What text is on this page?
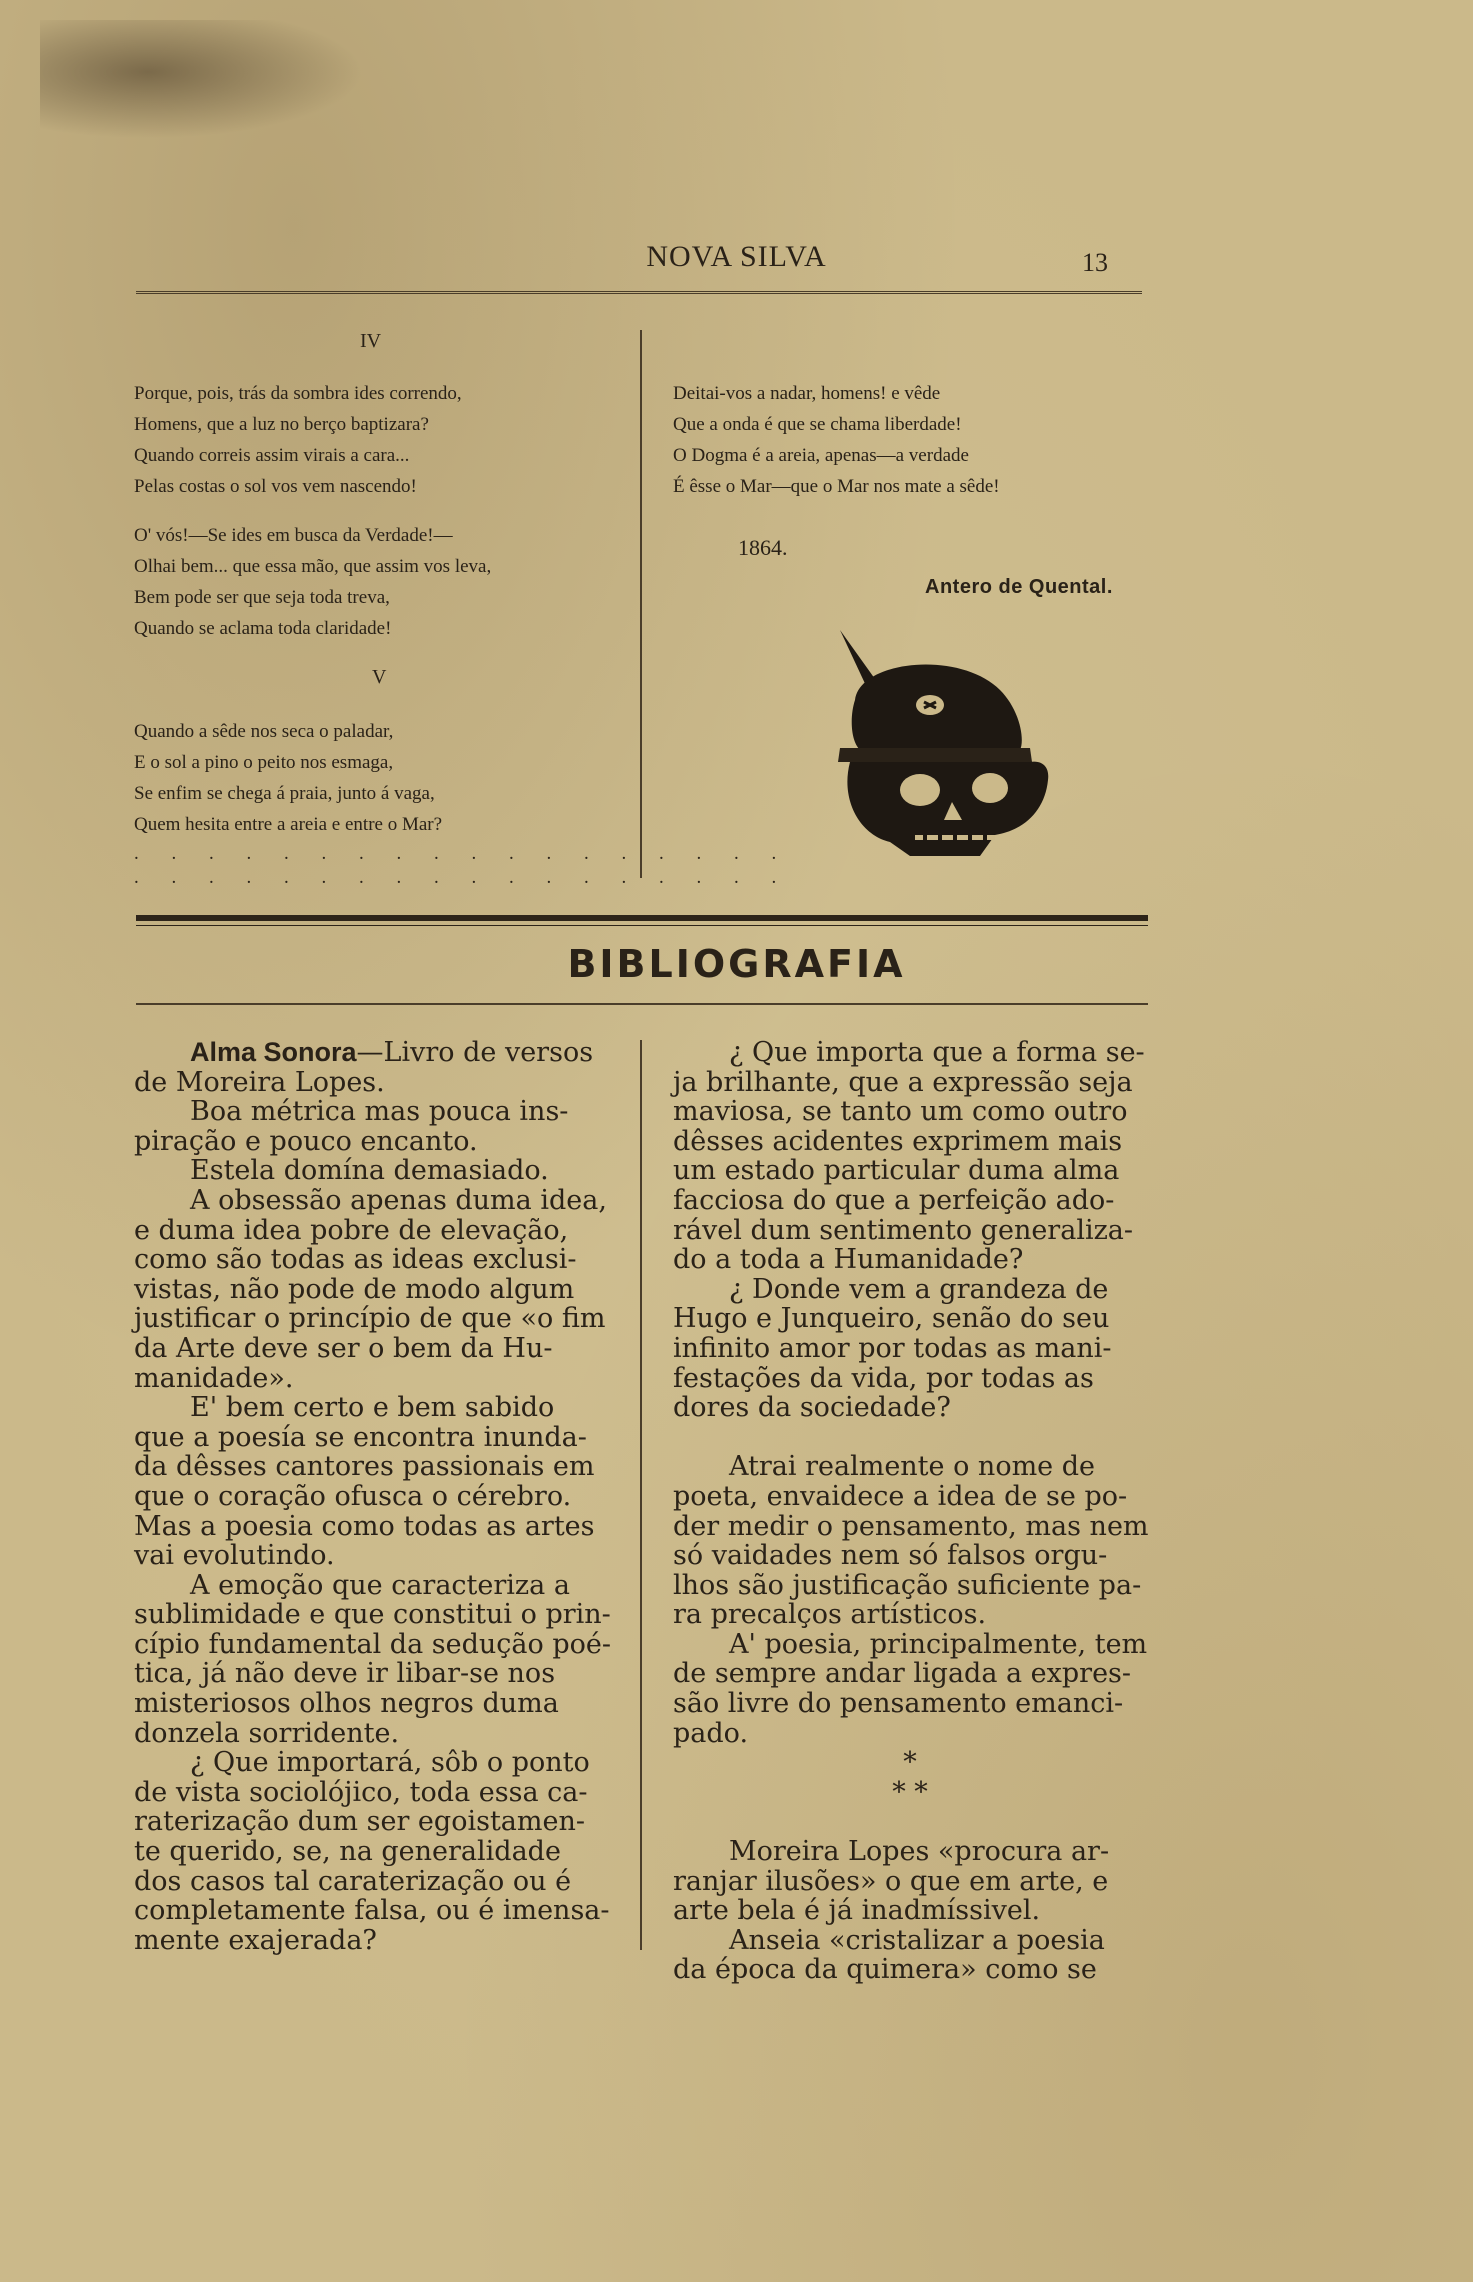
NOVA SILVA	13
IV
Porque, pois, trás da sombra ides correndo,
Homens, que a luz no berço baptizara?
Quando correis assim virais a cara...
Pelas costas o sol vos vem nascendo!
O' vós!—Se ides em busca da Verdade!—
Olhai bem... que essa mão, que assim vos leva,
Bem pode ser que seja toda treva,
Quando se aclama toda claridade!
V
Quando a sêde nos seca o paladar,
E o sol a pino o peito nos esmaga,
Se enfim se chega á praia, junto á vaga,
Quem hesita entre a areia e entre o Mar?
. . . . . . . . . . . . . . . . . .
. . . . . . . . . . . . . . . . . .
Deitai-vos a nadar, homens! e vêde
Que a onda é que se chama liberdade!
O Dogma é a areia, apenas—a verdade
É êsse o Mar—que o Mar nos mate a sêde!
1864.
Antero de Quental.
BIBLIOGRAFIA
Alma Sonora—Livro de versos
de Moreira Lopes.
Boa métrica mas pouca ins-
piração e pouco encanto.
Estela domína demasiado.
A obsessão apenas duma idea,
e duma idea pobre de elevação,
como são todas as ideas exclusi-
vistas, não pode de modo algum
justificar o princípio de que «o fim
da Arte deve ser o bem da Hu-
manidade».
E' bem certo e bem sabido
que a poesía se encontra inunda-
da dêsses cantores passionais em
que o coração ofusca o cérebro.
Mas a poesia como todas as artes
vai evolutindo.
A emoção que caracteriza a
sublimidade e que constitui o prin-
cípio fundamental da sedução poé-
tica, já não deve ir libar-se nos
misteriosos olhos negros duma
donzela sorridente.
¿ Que importará, sôb o ponto
de vista sociolójico, toda essa ca-
raterização dum ser egoistamen-
te querido, se, na generalidade
dos casos tal caraterização ou é
completamente falsa, ou é imensa-
mente exajerada?
¿ Que importa que a forma se-
ja brilhante, que a expressão seja
maviosa, se tanto um como outro
dêsses acidentes exprimem mais
um estado particular duma alma
facciosa do que a perfeição ado-
rável dum sentimento generaliza-
do a toda a Humanidade?
¿ Donde vem a grandeza de
Hugo e Junqueiro, senão do seu
infinito amor por todas as mani-
festações da vida, por todas as
dores da sociedade?

Atrai realmente o nome de
poeta, envaidece a idea de se po-
der medir o pensamento, mas nem
só vaidades nem só falsos orgu-
lhos são justificação suficiente pa-
ra precalços artísticos.
A' poesia, principalmente, tem
de sempre andar ligada a expres-
são livre do pensamento emanci-
pado.
*
* *

Moreira Lopes «procura ar-
ranjar ilusões» o que em arte, e
arte bela é já inadmíssivel.
Anseia «cristalizar a poesia
da época da quimera» como se
